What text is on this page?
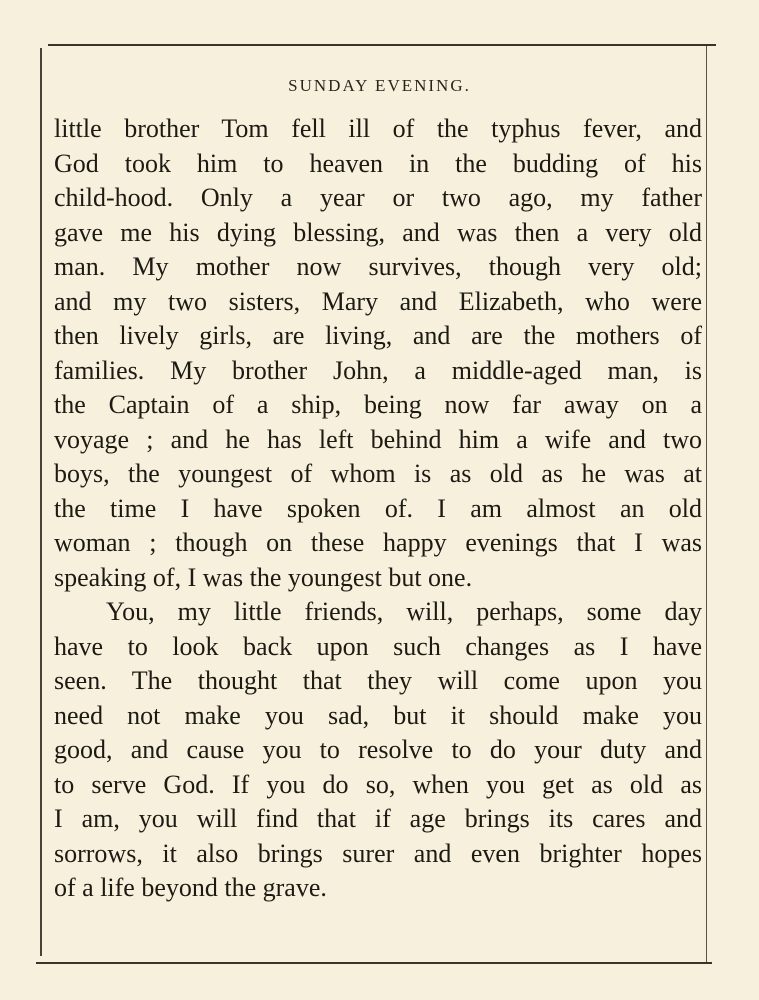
SUNDAY EVENING.
little brother Tom fell ill of the typhus fever, and
God took him to heaven in the budding of his
child-hood. Only a year or two ago, my father
gave me his dying blessing, and was then a very old
man. My mother now survives, though very old;
and my two sisters, Mary and Elizabeth, who were
then lively girls, are living, and are the mothers of
families. My brother John, a middle-aged man, is
the Captain of a ship, being now far away on a
voyage ; and he has left behind him a wife and two
boys, the youngest of whom is as old as he was at
the time I have spoken of. I am almost an old
woman ; though on these happy evenings that I was
speaking of, I was the youngest but one.
You, my little friends, will, perhaps, some day
have to look back upon such changes as I have
seen. The thought that they will come upon you
need not make you sad, but it should make you
good, and cause you to resolve to do your duty and
to serve God. If you do so, when you get as old as
I am, you will find that if age brings its cares and
sorrows, it also brings surer and even brighter hopes
of a life beyond the grave.
